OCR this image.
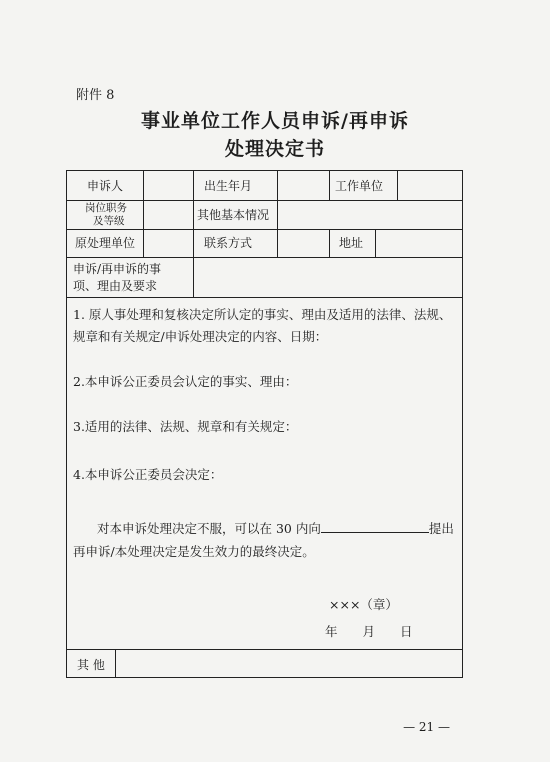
附件 8
事业单位工作人员申诉/再申诉
处理决定书
申诉人	出生年月	工作单位
岗位职务
及等级	其他基本情况
原处理单位	联系方式	地址
申诉/再申诉的事
项、理由及要求
1. 原人事处理和复核决定所认定的事实、理由及适用的法律、法规、
规章和有关规定/申诉处理决定的内容、日期：
2.本申诉公正委员会认定的事实、理由：
3.适用的法律、法规、规章和有关规定：
4.本申诉公正委员会决定：
对本申诉处理决定不服，可以在 30 内向	提出
再申诉/本处理决定是发生效力的最终决定。
×××（章）
年　　月　　日
其 他
— 21 —
